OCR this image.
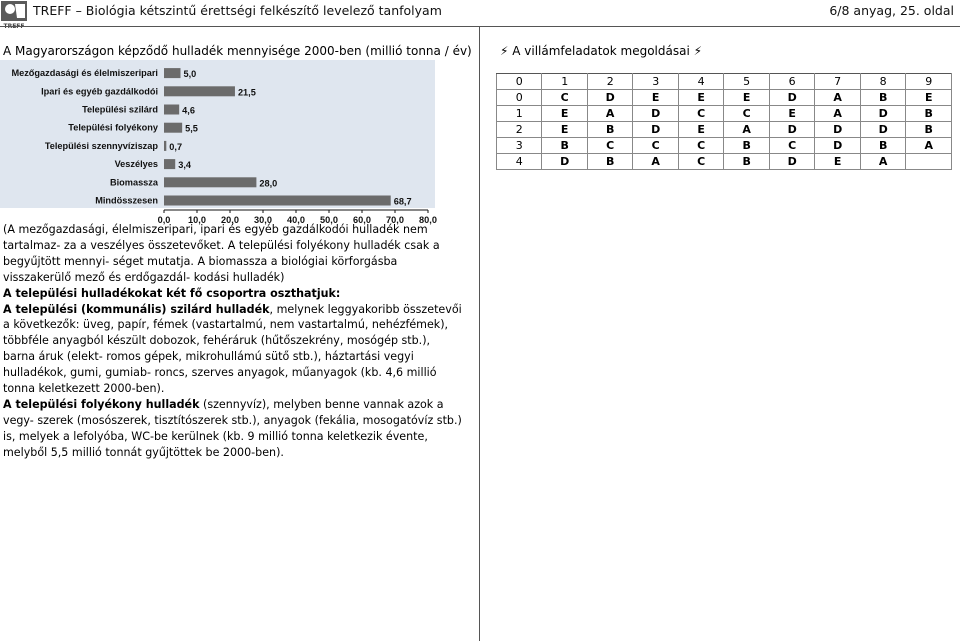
TREFF – Biológia kétszintű érettségi felkészítő levelező tanfolyam	6/8 anyag, 25. oldal
A Magyarországon képződő hulladék mennyisége 2000-ben (millió tonna / év)
Mezőgazdasági és élelmiszeripari	5,0
Ipari és egyéb gazdálkodói	21,5
Települési szilárd	4,6
Települési folyékony	5,5
Települési szennyvíziszap 0,7
Veszélyes 3,4
Biomassza	28,0
Mindösszesen	68,7
0,0 10,0 20,0 30,0 40,0 50,0 60,0 70,0 80,0

(A mezőgazdasági, élelmiszeripari, ipari és egyéb gazdálkodói hulladék nem tartalmaz- za a veszélyes összetevőket. A települési folyékony hulladék csak a begyűjtött mennyi- séget mutatja. A biomassza a biológiai körforgásba visszakerülő mező és erdőgazdál- kodási hulladék)

A települési hulladékokat két fő csoportra oszthatjuk:

A települési (kommunális) szilárd hulladék, melynek leggyakoribb összetevői a következők: üveg, papír, fémek (vastartalmú, nem vastartalmú, nehézfémek), többféle anyagból készült dobozok, fehéráruk (hűtőszekrény, mosógép stb.), barna áruk (elekt- romos gépek, mikrohullámú sütő stb.), háztartási vegyi hulladékok, gumi, gumiab- roncs, szerves anyagok, műanyagok (kb. 4,6 millió tonna keletkezett 2000-ben).

A települési folyékony hulladék (szennyvíz), melyben benne vannak azok a vegy- szerek (mosószerek, tisztítószerek stb.), anyagok (fekália, mosogatóvíz stb.) is, melyek a lefolyóba, WC-be kerülnek (kb. 9 millió tonna keletkezik évente, melyből 5,5 millió tonnát gyűjtöttek be 2000-ben).

⚡ A villámfeladatok megoldásai ⚡
0	1	2	3	4	5	6	7	8	9
0	C	D	E	E	E	D	A	B	E
1	E	A	D	C	C	E	A	D	B
2	E	B	D	E	A	D	D	D	B
3	B	C	C	C	B	C	D	B	A
4	D	B	A	C	B	D	E	A	
